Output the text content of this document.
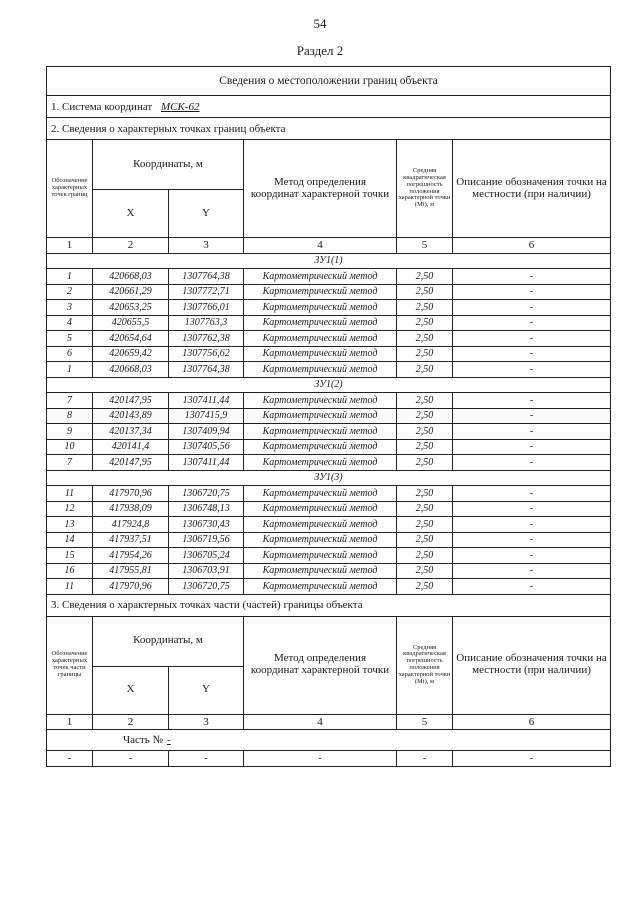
54
Раздел 2
Сведения о местоположении границ объекта					
1. Система координат МСК-62					
2. Сведения о характерных точках границ объекта					
Обозначение характерных точек границ	Координаты, м		Метод определения координат характерной точки	Средняя квадратическая погрешность положения характерной точки (Mt), м	Описание обозначения точки на местности (при наличии)
	X	Y			
1	2	3	4	5	6
ЗУ1(1)					
1	420668,03	1307764,38	Картометрический метод	2,50	-
2	420661,29	1307772,71	Картометрический метод	2,50	-
3	420653,25	1307766,01	Картометрический метод	2,50	-
4	420655,5	1307763,3	Картометрический метод	2,50	-
5	420654,64	1307762,38	Картометрический метод	2,50	-
6	420659,42	1307756,62	Картометрический метод	2,50	-
1	420668,03	1307764,38	Картометрический метод	2,50	-
ЗУ1(2)					
7	420147,95	1307411,44	Картометрический метод	2,50	-
8	420143,89	1307415,9	Картометрический метод	2,50	-
9	420137,34	1307409,94	Картометрический метод	2,50	-
10	420141,4	1307405,56	Картометрический метод	2,50	-
7	420147,95	1307411,44	Картометрический метод	2,50	-
ЗУ1(3)					
11	417970,96	1306720,75	Картометрический метод	2,50	-
12	417938,09	1306748,13	Картометрический метод	2,50	-
13	417924,8	1306730,43	Картометрический метод	2,50	-
14	417937,51	1306719,56	Картометрический метод	2,50	-
15	417954,26	1306705,24	Картометрический метод	2,50	-
16	417955,81	1306703,91	Картометрический метод	2,50	-
11	417970,96	1306720,75	Картометрический метод	2,50	-
3. Сведения о характерных точках части (частей) границы объекта					
Обозначение характерных точек части границы	Координаты, м		Метод определения координат характерной точки	Средняя квадратическая погрешность положения характерной точки (Mt), м	Описание обозначения точки на местности (при наличии)
	X	Y			
1	2	3	4	5	6
Часть № -					
-	-	-	-	-	-
